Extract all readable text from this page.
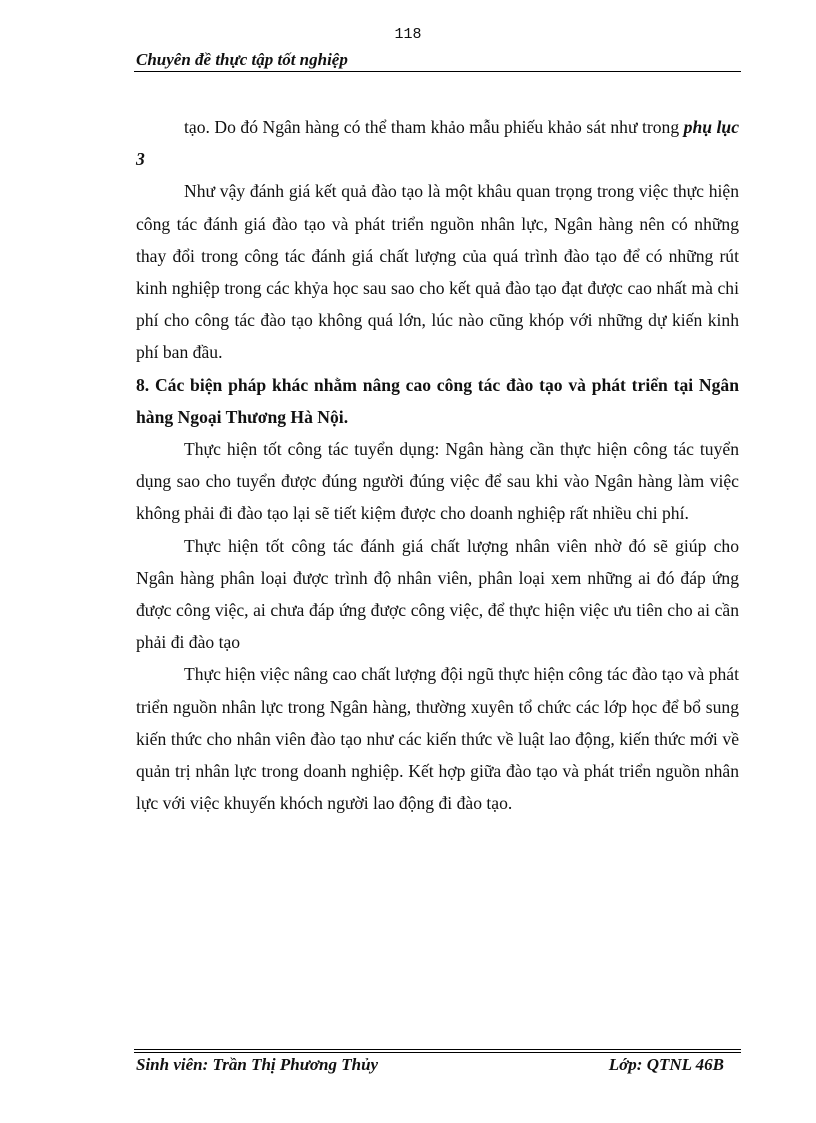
118
Chuyên đề thực tập tốt nghiệp

tạo. Do đó Ngân hàng có thể tham khảo mẫu phiếu khảo sát như trong phụ lục 3

Như vậy đánh giá kết quả đào tạo là một khâu quan trọng trong việc thực hiện công tác đánh giá đào tạo và phát triển nguồn nhân lực, Ngân hàng nên có những thay đổi trong công tác đánh giá chất lượng của quá trình đào tạo để có những rút kinh nghiệp trong các khỷa học sau sao cho kết quả đào tạo đạt được cao nhất mà chi phí cho công tác đào tạo không quá lớn, lúc nào cũng khóp với những dự kiến kinh phí ban đầu.

8. Các biện pháp khác nhằm nâng cao công tác đào tạo và phát triển tại Ngân hàng Ngoại Thương Hà Nội.

Thực hiện tốt công tác tuyển dụng: Ngân hàng cần thực hiện công tác tuyển dụng sao cho tuyển được đúng người đúng việc để sau khi vào Ngân hàng làm việc không phải đi đào tạo lại sẽ tiết kiệm được cho doanh nghiệp rất nhiều chi phí.

Thực hiện tốt công tác đánh giá chất lượng nhân viên nhờ đó sẽ giúp cho Ngân hàng phân loại được trình độ nhân viên, phân loại xem những ai đó đáp ứng được công việc, ai chưa đáp ứng được công việc, để thực hiện việc ưu tiên cho ai cần phải đi đào tạo

Thực hiện việc nâng cao chất lượng đội ngũ thực hiện công tác đào tạo và phát triển nguồn nhân lực trong Ngân hàng, thường xuyên tổ chức các lớp học để bổ sung kiến thức cho nhân viên đào tạo như các kiến thức về luật lao động, kiến thức mới về quản trị nhân lực trong doanh nghiệp. Kết hợp giữa đào tạo và phát triển nguồn nhân lực với việc khuyến khóch người lao động đi đào tạo.

Sinh viên: Trần Thị Phương Thủy	Lớp: QTNL 46B
